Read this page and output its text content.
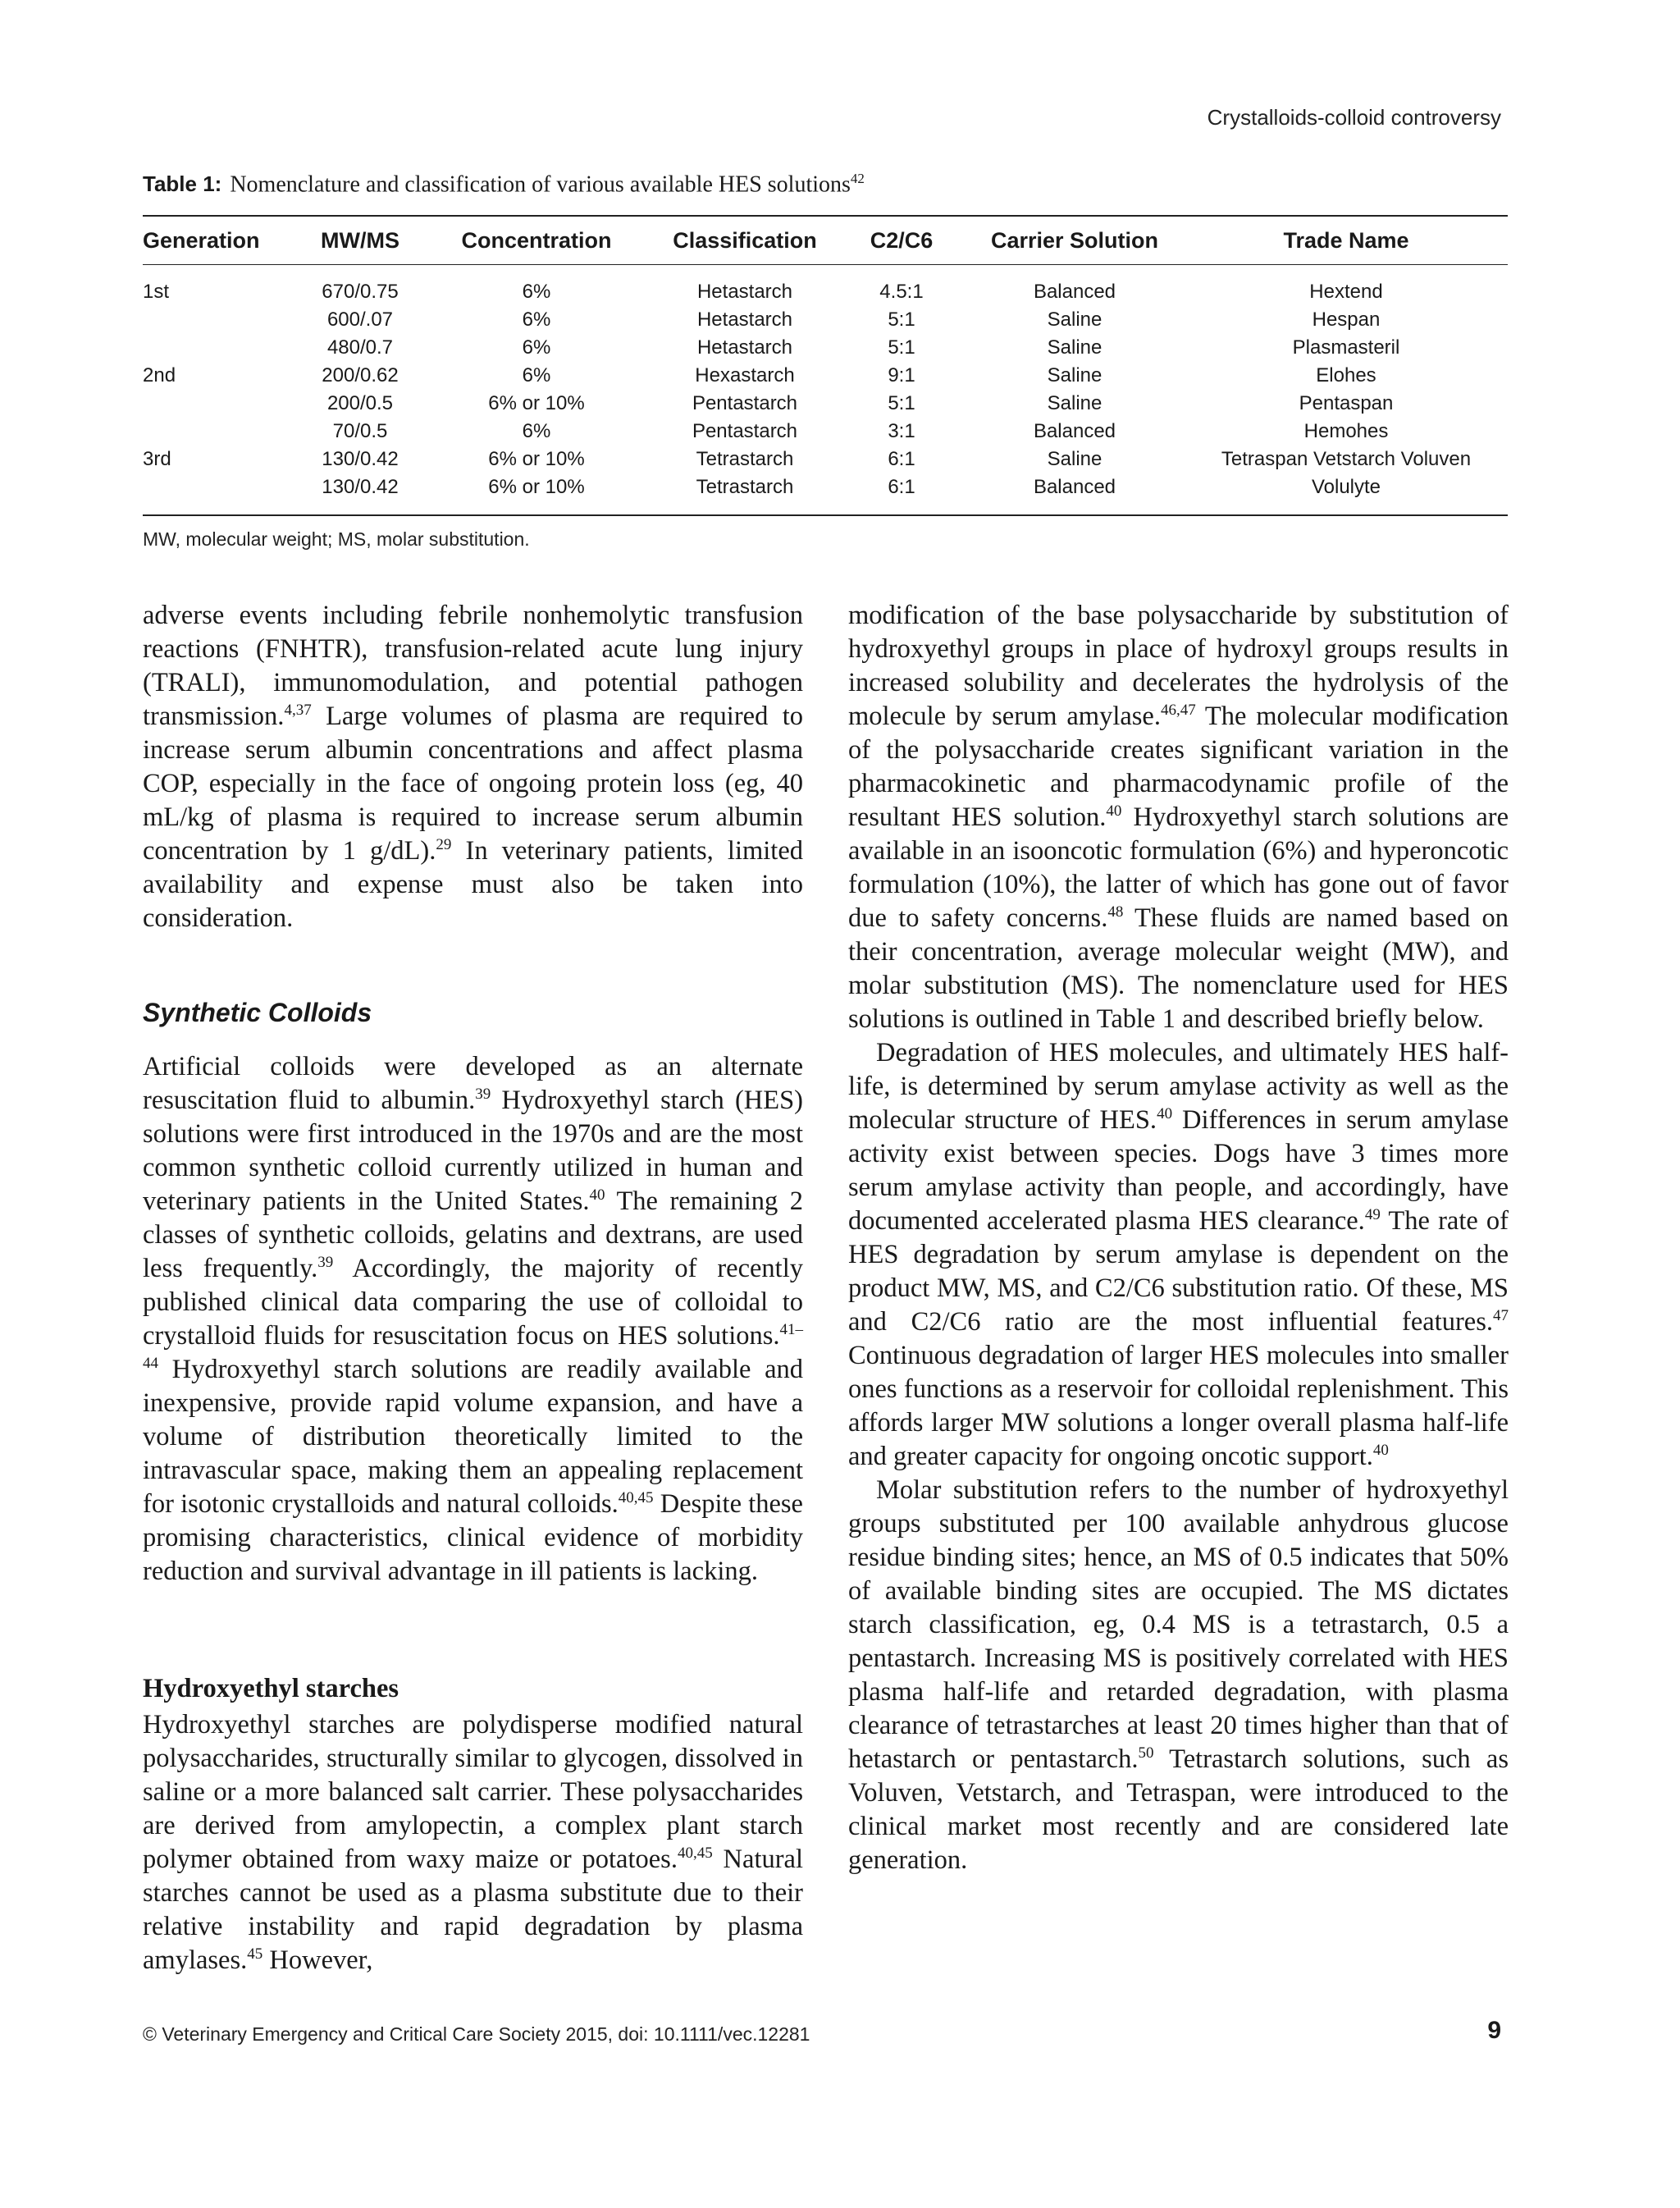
Crystalloids-colloid controversy
Table 1: Nomenclature and classification of various available HES solutions$^{42}$
Generation	MW/MS	Concentration	Classification	C2/C6	Carrier Solution	Trade Name
1st	670/0.75	6%	Hetastarch	4.5:1	Balanced	Hextend
	600/.07	6%	Hetastarch	5:1	Saline	Hespan
	480/0.7	6%	Hetastarch	5:1	Saline	Plasmasteril
2nd	200/0.62	6%	Hexastarch	9:1	Saline	Elohes
	200/0.5	6% or 10%	Pentastarch	5:1	Saline	Pentaspan
	70/0.5	6%	Pentastarch	3:1	Balanced	Hemohes
3rd	130/0.42	6% or 10%	Tetrastarch	6:1	Saline	Tetraspan Vetstarch Voluven
	130/0.42	6% or 10%	Tetrastarch	6:1	Balanced	Volulyte
MW, molecular weight; MS, molar substitution.

adverse events including febrile nonhemolytic transfusion reactions (FNHTR), transfusion-related acute lung injury (TRALI), immunomodulation, and potential pathogen transmission.$^{4,37}$ Large volumes of plasma are required to increase serum albumin concentrations and affect plasma COP, especially in the face of ongoing protein loss (eg, 40 mL/kg of plasma is required to increase serum albumin concentration by 1 g/dL).$^{29}$ In veterinary patients, limited availability and expense must also be taken into consideration.

Synthetic Colloids

Artificial colloids were developed as an alternate resuscitation fluid to albumin.$^{39}$ Hydroxyethyl starch (HES) solutions were first introduced in the 1970s and are the most common synthetic colloid currently utilized in human and veterinary patients in the United States.$^{40}$ The remaining 2 classes of synthetic colloids, gelatins and dextrans, are used less frequently.$^{39}$ Accordingly, the majority of recently published clinical data comparing the use of colloidal to crystalloid fluids for resuscitation focus on HES solutions.$^{41-44}$ Hydroxyethyl starch solutions are readily available and inexpensive, provide rapid volume expansion, and have a volume of distribution theoretically limited to the intravascular space, making them an appealing replacement for isotonic crystalloids and natural colloids.$^{40,45}$ Despite these promising characteristics, clinical evidence of morbidity reduction and survival advantage in ill patients is lacking.

Hydroxyethyl starches

Hydroxyethyl starches are polydisperse modified natural polysaccharides, structurally similar to glycogen, dissolved in saline or a more balanced salt carrier. These polysaccharides are derived from amylopectin, a complex plant starch polymer obtained from waxy maize or potatoes.$^{40,45}$ Natural starches cannot be used as a plasma substitute due to their relative instability and rapid degradation by plasma amylases.$^{45}$ However,

modification of the base polysaccharide by substitution of hydroxyethyl groups in place of hydroxyl groups results in increased solubility and decelerates the hydrolysis of the molecule by serum amylase.$^{46,47}$ The molecular modification of the polysaccharide creates significant variation in the pharmacokinetic and pharmacodynamic profile of the resultant HES solution.$^{40}$ Hydroxyethyl starch solutions are available in an isooncotic formulation (6%) and hyperoncotic formulation (10%), the latter of which has gone out of favor due to safety concerns.$^{48}$ These fluids are named based on their concentration, average molecular weight (MW), and molar substitution (MS). The nomenclature used for HES solutions is outlined in Table 1 and described briefly below.

Degradation of HES molecules, and ultimately HES half-life, is determined by serum amylase activity as well as the molecular structure of HES.$^{40}$ Differences in serum amylase activity exist between species. Dogs have 3 times more serum amylase activity than people, and accordingly, have documented accelerated plasma HES clearance.$^{49}$ The rate of HES degradation by serum amylase is dependent on the product MW, MS, and C2/C6 substitution ratio. Of these, MS and C2/C6 ratio are the most influential features.$^{47}$ Continuous degradation of larger HES molecules into smaller ones functions as a reservoir for colloidal replenishment. This affords larger MW solutions a longer overall plasma half-life and greater capacity for ongoing oncotic support.$^{40}$

Molar substitution refers to the number of hydroxyethyl groups substituted per 100 available anhydrous glucose residue binding sites; hence, an MS of 0.5 indicates that 50% of available binding sites are occupied. The MS dictates starch classification, eg, 0.4 MS is a tetrastarch, 0.5 a pentastarch. Increasing MS is positively correlated with HES plasma half-life and retarded degradation, with plasma clearance of tetrastarches at least 20 times higher than that of hetastarch or pentastarch.$^{50}$ Tetrastarch solutions, such as Voluven, Vetstarch, and Tetraspan, were introduced to the clinical market most recently and are considered late generation.

© Veterinary Emergency and Critical Care Society 2015, doi: 10.1111/vec.12281	9
